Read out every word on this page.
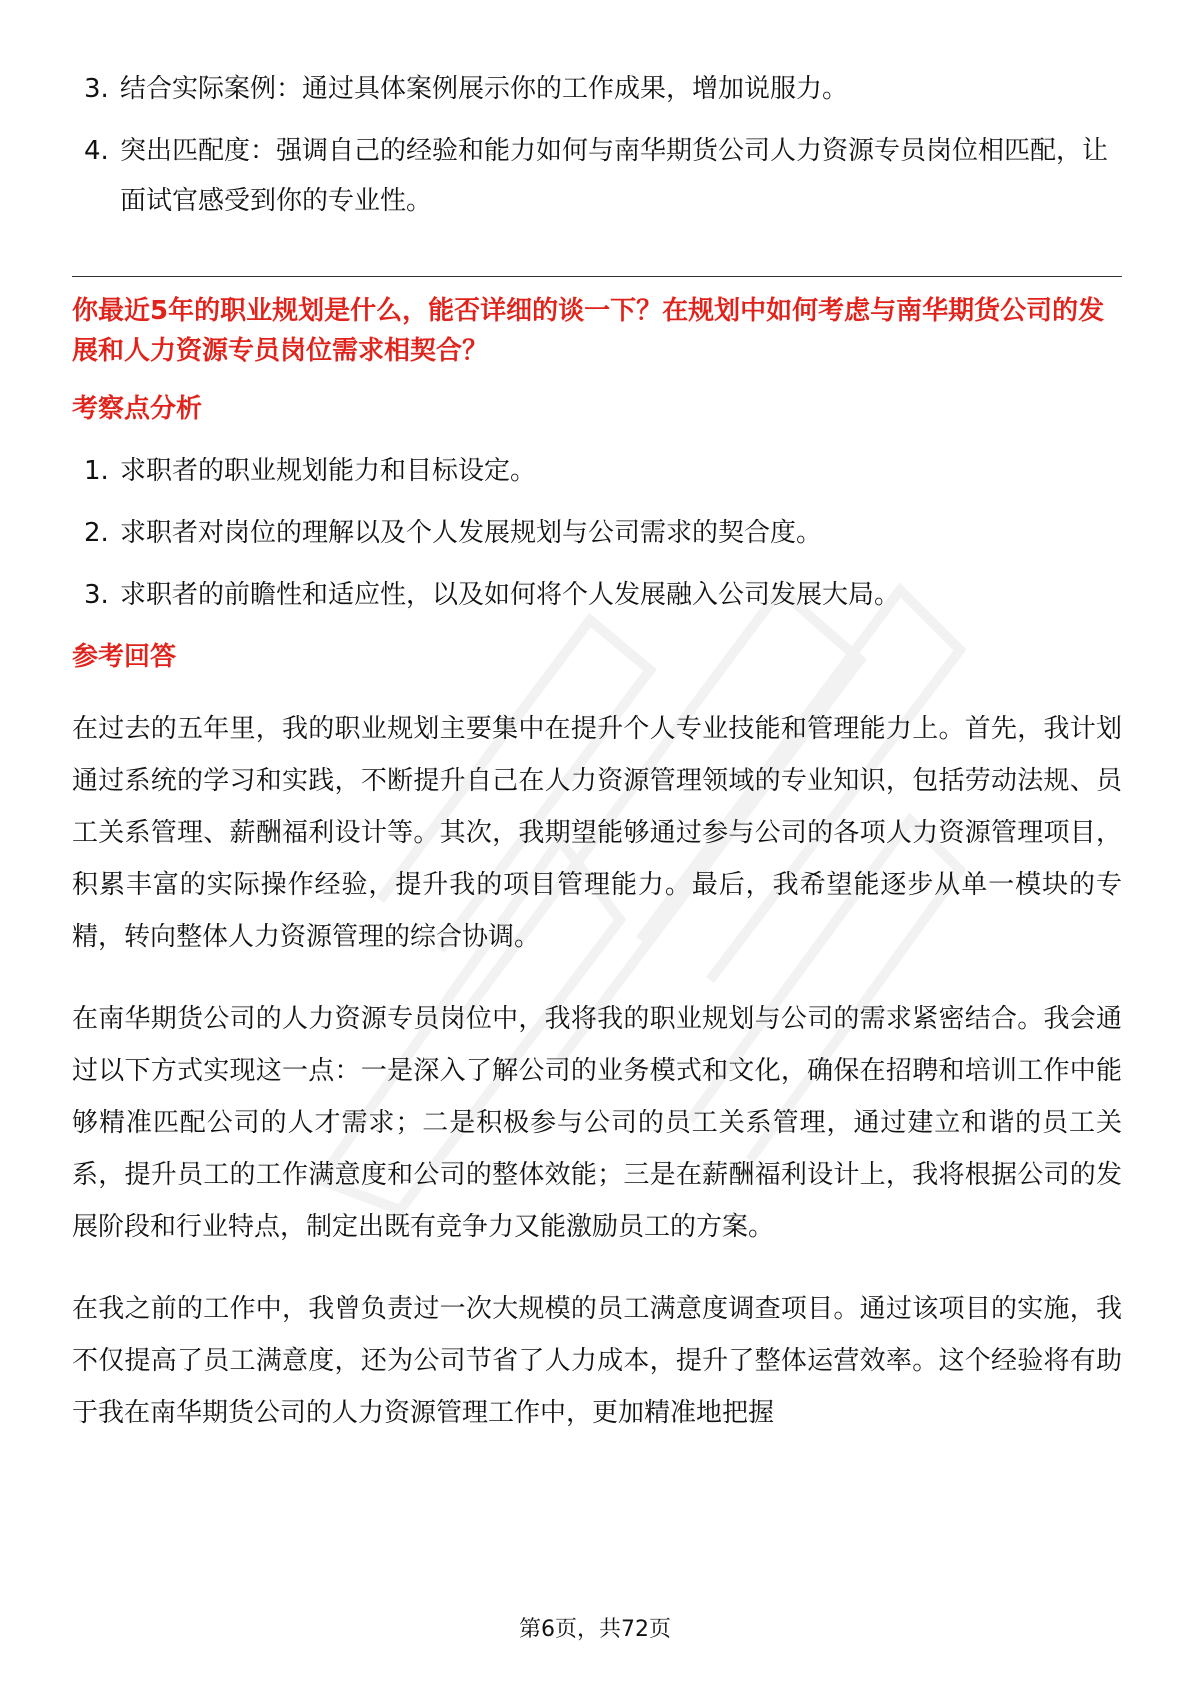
3. 结合实际案例：通过具体案例展示你的工作成果，增加说服力。
4. 突出匹配度：强调自己的经验和能力如何与南华期货公司人力资源专员岗位相匹配，让面试官感受到你的专业性。

你最近5年的职业规划是什么，能否详细的谈一下？在规划中如何考虑与南华期货公司的发展和人力资源专员岗位需求相契合？

考察点分析
1. 求职者的职业规划能力和目标设定。
2. 求职者对岗位的理解以及个人发展规划与公司需求的契合度。
3. 求职者的前瞻性和适应性，以及如何将个人发展融入公司发展大局。
参考回答

在过去的五年里，我的职业规划主要集中在提升个人专业技能和管理能力上。首先，我计划通过系统的学习和实践，不断提升自己在人力资源管理领域的专业知识，包括劳动法规、员工关系管理、薪酬福利设计等。其次，我期望能够通过参与公司的各项人力资源管理项目，积累丰富的实际操作经验，提升我的项目管理能力。最后，我希望能逐步从单一模块的专精，转向整体人力资源管理的综合协调。

在南华期货公司的人力资源专员岗位中，我将我的职业规划与公司的需求紧密结合。我会通过以下方式实现这一点：一是深入了解公司的业务模式和文化，确保在招聘和培训工作中能够精准匹配公司的人才需求；二是积极参与公司的员工关系管理，通过建立和谐的员工关系，提升员工的工作满意度和公司的整体效能；三是在薪酬福利设计上，我将根据公司的发展阶段和行业特点，制定出既有竞争力又能激励员工的方案。

在我之前的工作中，我曾负责过一次大规模的员工满意度调查项目。通过该项目的实施，我不仅提高了员工满意度，还为公司节省了人力成本，提升了整体运营效率。这个经验将有助于我在南华期货公司的人力资源管理工作中，更加精准地把握

第6页，共72页
